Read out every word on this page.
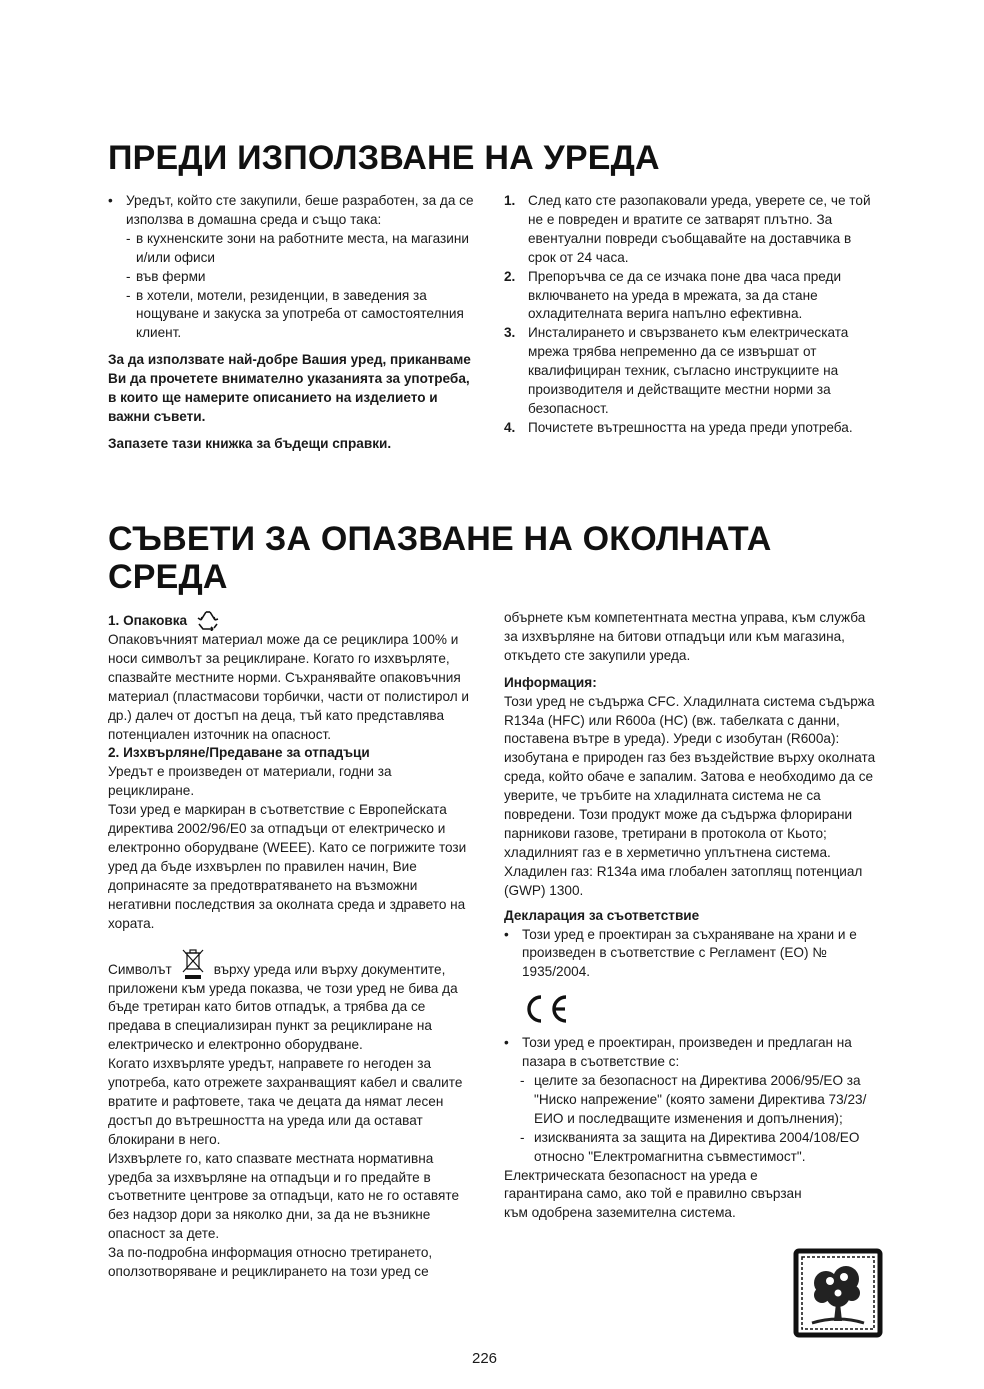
ПРЕДИ ИЗПОЛЗВАНЕ НА УРЕДА
• Уредът, който сте закупили, беше разработен, за да се използва в домашна среда и също така:

- в кухненските зони на работните места, на магазини и/или офиси

- във ферми

- в хотели, мотели, резиденции, в заведения за нощуване и закуска за употреба от самостоятелния клиент.

За да използвате най-добре Вашия уред, приканваме Ви да прочетете внимателно указанията за употреба, в които ще намерите описанието на изделието и важни съвети.

Запазете тази книжка за бъдещи справки.

1. След като сте разопаковали уреда, уверете се, че той не е повреден и вратите се затварят плътно. За евентуални повреди съобщавайте на доставчика в срок от 24 часа.

2. Препоръчва се да се изчака поне два часа преди включването на уреда в мрежата, за да стане охладителната верига напълно ефективна.

3. Инсталирането и свързването към електрическата мрежа трябва непременно да се извършат от квалифициран техник, съгласно инструкциите на производителя и действащите местни норми за безопасност.

4. Почистете вътрешността на уреда преди употреба.

СЪВЕТИ ЗА ОПАЗВАНЕ НА ОКОЛНАТА
СРЕДА

1. Опаковка

Опаковъчният материал може да се рециклира 100% и носи символът за рециклиране. Когато го изхвърляте, спазвайте местните норми. Съхранявайте опаковъчния материал (пластмасови торбички, части от полистирол и др.) далеч от достъп на деца, тъй като представлява потенциален източник на опасност.

2. Изхвърляне/Предаване за отпадъци

Уредът е произведен от материали, годни за рециклиране.

Този уред е маркиран в съответствие с Европейската директива 2002/96/Е0 за отпадъци от електрическо и електронно оборудване (WEEE). Като се погрижите този уред да бъде изхвърлен по правилен начин, Вие допринасяте за предотвратяването на възможни негативни последствия за околната среда и здравето на хората.

Символът	върху уреда или върху документите, приложени към уреда показва, че този уред не бива да бъде третиран като битов отпадък, а трябва да се предава в специализиран пункт за рециклиране на електрическо и електронно оборудване.

Когато изхвърляте уредът, направете го негоден за употреба, като отрежете захранващият кабел и свалите вратите и рафтовете, така че децата да нямат лесен достъп до вътрешността на уреда или да остават блокирани в него.

Изхвърлете го, като спазвате местната нормативна уредба за изхвърляне на отпадъци и го предайте в съответните центрове за отпадъци, като не го оставяте без надзор дори за няколко дни, за да не възникне опасност за дете.

За по-подробна информация относно третирането, оползотворяване и рециклирането на този уред се

обърнете към компетентната местна управа, към служба за изхвърляне на битови отпадъци или към магазина, откъдето сте закупили уреда.

Информация:

Този уред не съдържа CFC. Хладилната система съдържа R134a (HFC) или R600a (HC) (вж. табелката с данни, поставена вътре в уреда). Уреди с изобутан (R600a): изобутана е природен газ без въздействие върху околната среда, който обаче е запалим. Затова е необходимо да се уверите, че тръбите на хладилната система не са повредени. Този продукт може да съдържа флорирани парникови газове, третирани в протокола от Кьото; хладилният газ е в херметично уплътнена система. Хладилен газ: R134a има глобален затоплящ потенциал (GWP) 1300.

Декларация за съответствие

• Този уред е проектиран за съхраняване на храни и е произведен в съответствие с Регламент (ЕО) № 1935/2004.

• Този уред е проектиран, произведен и предлаган на пазара в съответствие с:

- целите за безопасност на Директива 2006/95/ЕО за "Ниско напрежение" (която замени Директива 73/23/ЕИО и последващите изменения и допълнения);

- изискванията за защита на Директива 2004/108/ЕО относно "Електромагнитна съвместимост".

Електрическата безопасност на уреда е гарантирана само, ако той е правилно свързан към одобрена заземителна система.

226
